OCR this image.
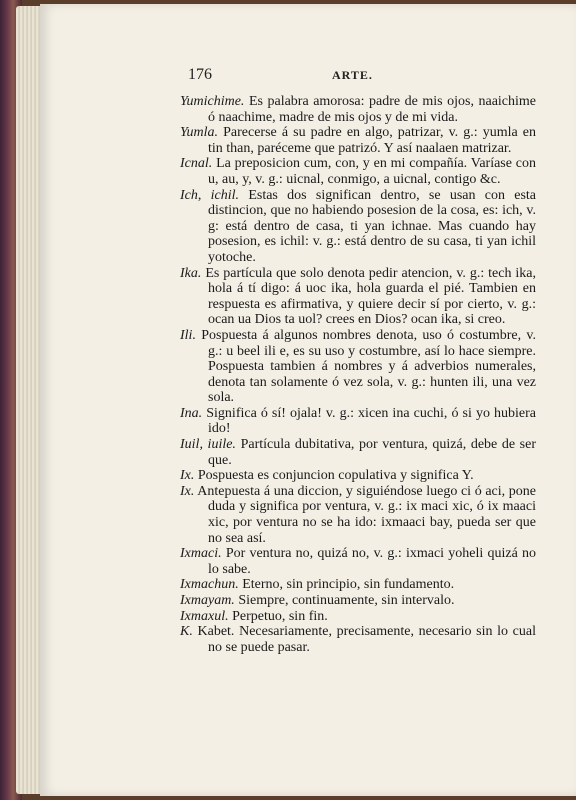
176	ARTE.

Yumichime. Es palabra amorosa: padre de mis ojos, naaichime ó naachime, madre de mis ojos y de mi vida.

Yumla. Parecerse á su padre en algo, patrizar, v. g.: yumla en tin than, paréceme que patrizó. Y así naalaen matrizar.

Icnal. La preposicion cum, con, y en mi compañía. Varíase con u, au, y, v. g.: uicnal, conmigo, a uicnal, contigo &c.

Ich, ichil. Estas dos significan dentro, se usan con esta distincion, que no habiendo posesion de la cosa, es: ich, v. g: está dentro de casa, ti yan ichnae. Mas cuando hay posesion, es ichil: v. g.: está dentro de su casa, ti yan ichil yotoche.

Ika. Es partícula que solo denota pedir atencion, v. g.: tech ika, hola á tí digo: á uoc ika, hola guarda el pié. Tambien en respuesta es afirmativa, y quiere decir sí por cierto, v. g.: ocan ua Dios ta uol? crees en Dios? ocan ika, si creo.

Ili. Pospuesta á algunos nombres denota, uso ó costumbre, v. g.: u beel ili e, es su uso y costumbre, así lo hace siempre. Pospuesta tambien á nombres y á adverbios numerales, denota tan solamente ó vez sola, v. g.: hunten ili, una vez sola.

Ina. Significa ó sí! ojala! v. g.: xicen ina cuchi, ó si yo hubiera ido!

Iuil, iuile. Partícula dubitativa, por ventura, quizá, debe de ser que.

Ix. Pospuesta es conjuncion copulativa y significa Y.

Ix. Antepuesta á una diccion, y siguiéndose luego ci ó aci, pone duda y significa por ventura, v. g.: ix maci xic, ó ix maaci xic, por ventura no se ha ido: ixmaaci bay, pueda ser que no sea así.

Ixmaci. Por ventura no, quizá no, v. g.: ixmaci yoheli quizá no lo sabe.

Ixmachun. Eterno, sin principio, sin fundamento.

Ixmayam. Siempre, continuamente, sin intervalo.

Ixmaxul. Perpetuo, sin fin.

K. Kabet. Necesariamente, precisamente, necesario sin lo cual no se puede pasar.
